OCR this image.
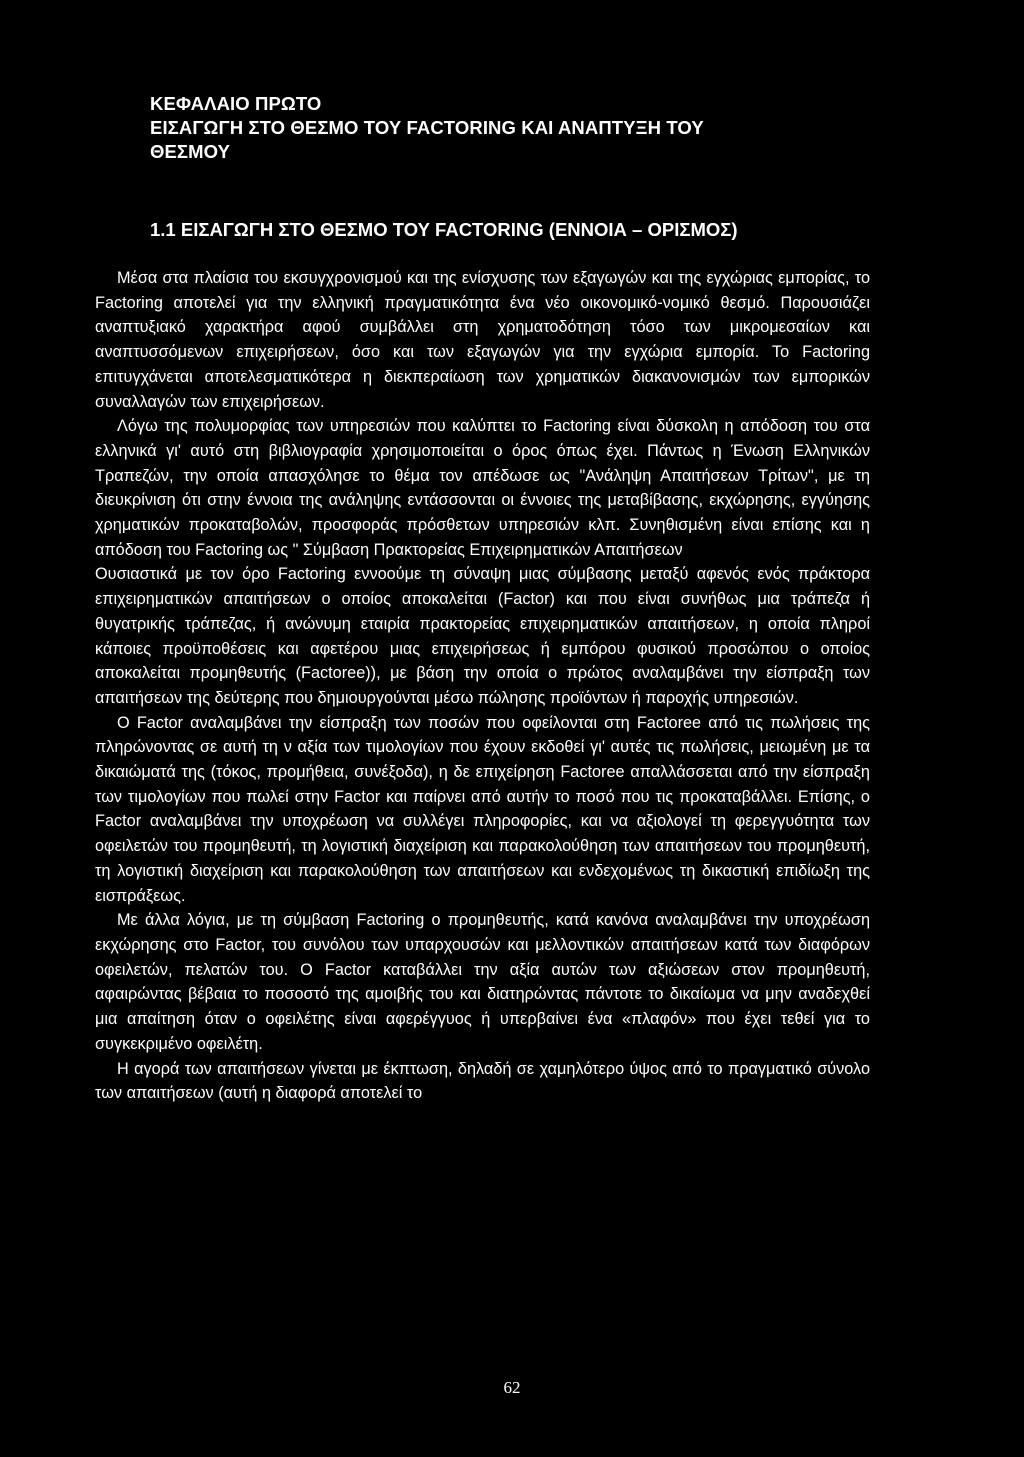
ΚΕΦΑΛΑΙΟ ΠΡΩΤΟ
ΕΙΣΑΓΩΓΗ ΣΤΟ ΘΕΣΜΟ ΤΟΥ FACTORING ΚΑΙ ΑΝΑΠΤΥΞΗ ΤΟΥ
ΘΕΣΜΟΥ
1.1 ΕΙΣΑΓΩΓΗ ΣΤΟ ΘΕΣΜΟ ΤΟΥ FACTORING (ΕΝΝΟΙΑ – ΟΡΙΣΜΟΣ)

Μέσα στα πλαίσια του εκσυγχρονισμού και της ενίσχυσης των εξαγωγών και της εγχώριας εμπορίας, το Factoring αποτελεί για την ελληνική πραγματικότητα ένα νέο οικονομικό-νομικό θεσμό. Παρουσιάζει αναπτυξιακό χαρακτήρα αφού συμβάλλει στη χρηματοδότηση τόσο των μικρομεσαίων και αναπτυσσόμενων επιχειρήσεων, όσο και των εξαγωγών για την εγχώρια εμπορία. Το Factoring επιτυγχάνεται αποτελεσματικότερα η διεκπεραίωση των χρηματικών διακανονισμών των εμπορικών συναλλαγών των επιχειρήσεων.

Λόγω της πολυμορφίας των υπηρεσιών που καλύπτει το Factoring είναι δύσκολη η απόδοση του στα ελληνικά γι' αυτό στη βιβλιογραφία χρησιμοποιείται ο όρος όπως έχει. Πάντως η Ένωση Ελληνικών Τραπεζών, την οποία απασχόλησε το θέμα τον απέδωσε ως "Ανάληψη Απαιτήσεων Τρίτων", με τη διευκρίνιση ότι στην έννοια της ανάληψης εντάσσονται οι έννοιες της μεταβίβασης, εκχώρησης, εγγύησης χρηματικών προκαταβολών, προσφοράς πρόσθετων υπηρεσιών κλπ. Συνηθισμένη είναι επίσης και η απόδοση του Factoring ως " Σύμβαση Πρακτορείας Επιχειρηματικών Απαιτήσεων

Ουσιαστικά με τον όρο Factoring εννοούμε τη σύναψη μιας σύμβασης μεταξύ αφενός ενός πράκτορα επιχειρηματικών απαιτήσεων ο οποίος αποκαλείται (Factor) και που είναι συνήθως μια τράπεζα ή θυγατρικής τράπεζας, ή ανώνυμη εταιρία πρακτορείας επιχειρηματικών απαιτήσεων, η οποία πληροί κάποιες προϋποθέσεις και αφετέρου μιας επιχειρήσεως ή εμπόρου φυσικού προσώπου ο οποίος αποκαλείται προμηθευτής (Factoree)), με βάση την οποία ο πρώτος αναλαμβάνει την είσπραξη των απαιτήσεων της δεύτερης που δημιουργούνται μέσω πώλησης προϊόντων ή παροχής υπηρεσιών.

Ο Factor αναλαμβάνει την είσπραξη των ποσών που οφείλονται στη Factoree από τις πωλήσεις της πληρώνοντας σε αυτή τη ν αξία των τιμολογίων που έχουν εκδοθεί γι' αυτές τις πωλήσεις, μειωμένη με τα δικαιώματά της (τόκος, προμήθεια, συνέξοδα), η δε επιχείρηση Factoree απαλλάσσεται από την είσπραξη των τιμολογίων που πωλεί στην Factor και παίρνει από αυτήν το ποσό που τις προκαταβάλλει. Επίσης, ο Factor αναλαμβάνει την υποχρέωση να συλλέγει πληροφορίες, και να αξιολογεί τη φερεγγυότητα των οφειλετών του προμηθευτή, τη λογιστική διαχείριση και παρακολούθηση των απαιτήσεων του προμηθευτή, τη λογιστική διαχείριση και παρακολούθηση των απαιτήσεων και ενδεχομένως τη δικαστική επιδίωξη της εισπράξεως.

Με άλλα λόγια, με τη σύμβαση Factoring ο προμηθευτής, κατά κανόνα αναλαμβάνει την υποχρέωση εκχώρησης στο Factor, του συνόλου των υπαρχουσών και μελλοντικών απαιτήσεων κατά των διαφόρων οφειλετών, πελατών του. Ο Factor καταβάλλει την αξία αυτών των αξιώσεων στον προμηθευτή, αφαιρώντας βέβαια το ποσοστό της αμοιβής του και διατηρώντας πάντοτε το δικαίωμα να μην αναδεχθεί μια απαίτηση όταν ο οφειλέτης είναι αφερέγγυος ή υπερβαίνει ένα «πλαφόν» που έχει τεθεί για το συγκεκριμένο οφειλέτη.

Η αγορά των απαιτήσεων γίνεται με έκπτωση, δηλαδή σε χαμηλότερο ύψος από το πραγματικό σύνολο των απαιτήσεων (αυτή η διαφορά αποτελεί το

62
